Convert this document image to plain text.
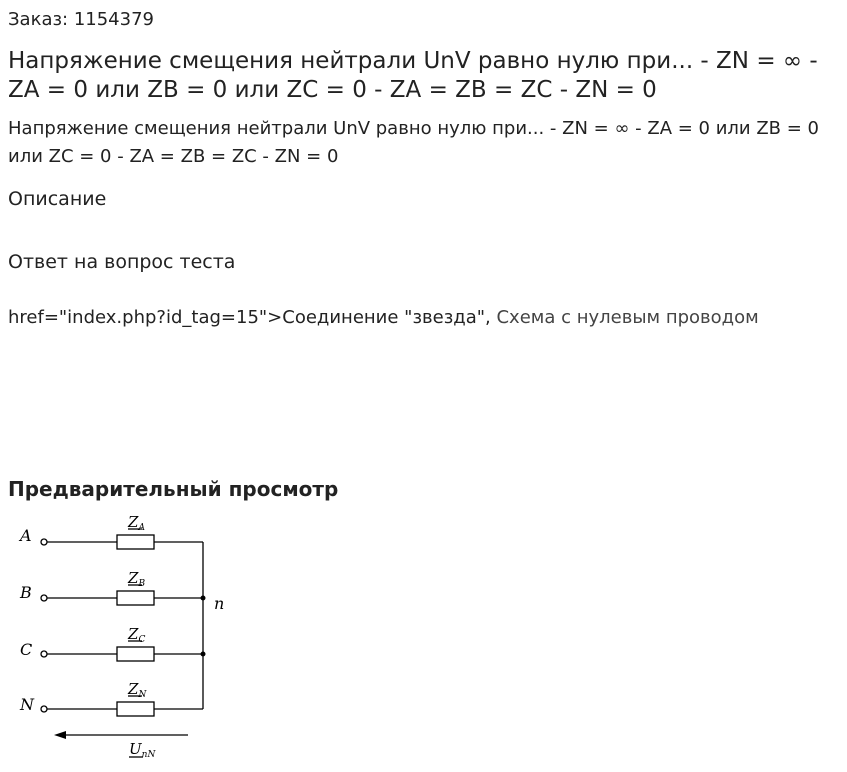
Заказ: 1154379
Напряжение смещения нейтрали UnV равно нулю при... - ZN = ∞ - ZA = 0 или ZB = 0 или ZC = 0 - ZA = ZB = ZC - ZN = 0
Напряжение смещения нейтрали UnV равно нулю при... - ZN = ∞ - ZA = 0 или ZB = 0 или ZC = 0 - ZA = ZB = ZC - ZN = 0
Описание
Ответ на вопрос теста
href="index.php?id_tag=15">Соединение "звезда", Схема с нулевым проводом
Предварительный просмотр
A
B
C
N
n
$Z_A$
$Z_B$
$Z_C$
$Z_N$
$U_{nN}$
